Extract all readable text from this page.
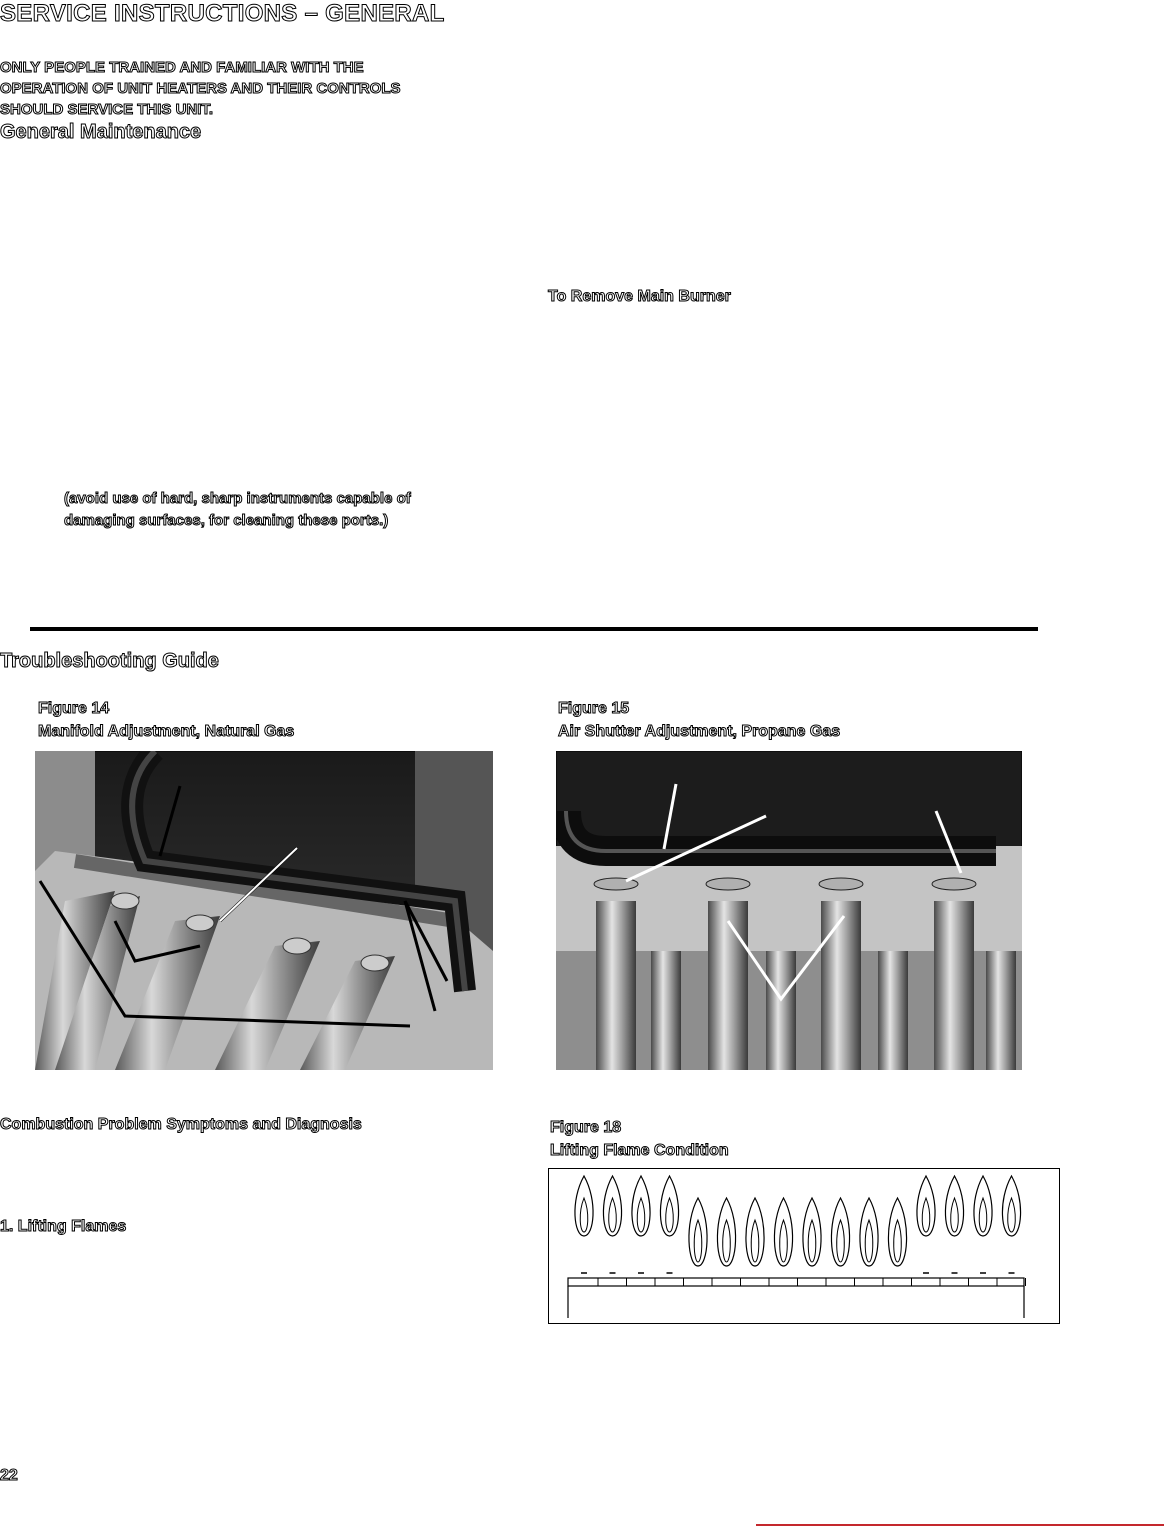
SERVICE INSTRUCTIONS – GENERAL
ONLY PEOPLE TRAINED AND FAMILIAR WITH THE
OPERATION OF UNIT HEATERS AND THEIR CONTROLS
SHOULD SERVICE THIS UNIT.
General Maintenance
To Remove Main Burner
(avoid use of hard, sharp instruments capable of damaging surfaces, for cleaning these ports.)
Troubleshooting Guide
Figure 14
Manifold Adjustment, Natural Gas
Figure 15
Air Shutter Adjustment, Propane Gas
Combustion Problem Symptoms and Diagnosis
1. Lifting Flames
Figure 18
Lifting Flame Condition
22
